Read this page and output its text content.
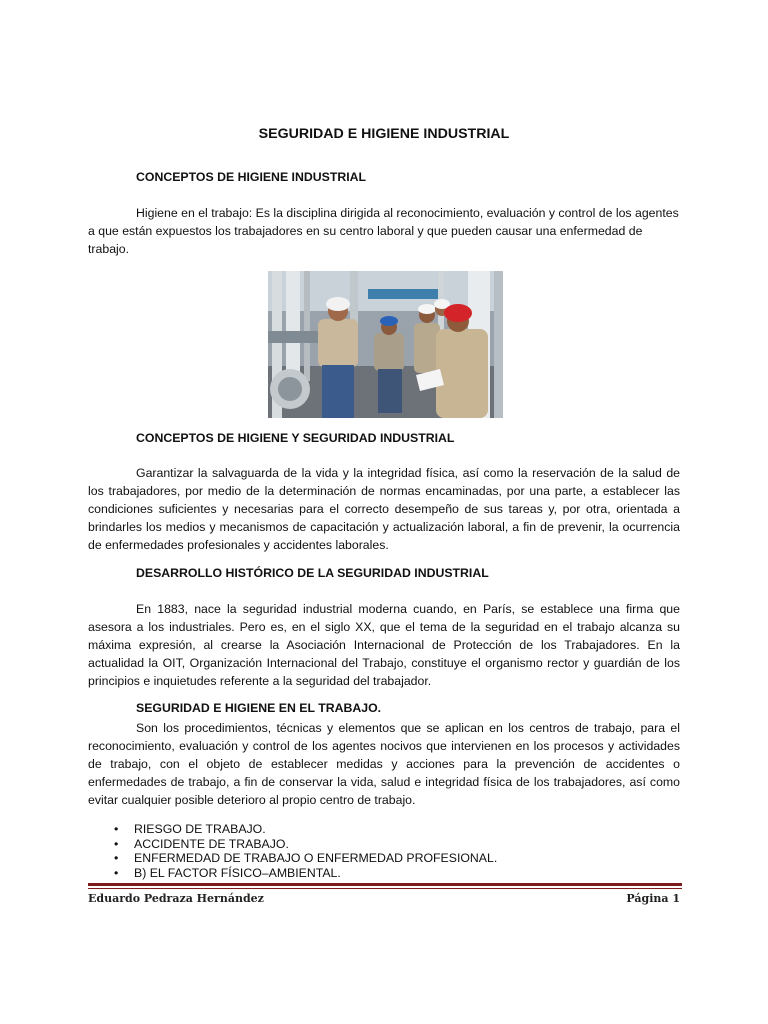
SEGURIDAD E HIGIENE INDUSTRIAL
CONCEPTOS DE HIGIENE INDUSTRIAL

Higiene en el trabajo: Es la disciplina dirigida al reconocimiento, evaluación y control de los agentes a que están expuestos los trabajadores en su centro laboral y que pueden causar una enfermedad de trabajo.

CONCEPTOS DE HIGIENE Y SEGURIDAD INDUSTRIAL

Garantizar la salvaguarda de la vida y la integridad física, así como la reservación de la salud de los trabajadores, por medio de la determinación de normas encaminadas, por una parte, a establecer las condiciones suficientes y necesarias para el correcto desempeño de sus tareas y, por otra, orientada a brindarles los medios y mecanismos de capacitación y actualización laboral, a fin de prevenir, la ocurrencia de enfermedades profesionales y accidentes laborales.

DESARROLLO HISTÓRICO DE LA SEGURIDAD INDUSTRIAL

En 1883, nace la seguridad industrial moderna cuando, en París, se establece una firma que asesora a los industriales. Pero es, en el siglo XX, que el tema de la seguridad en el trabajo alcanza su máxima expresión, al crearse la Asociación Internacional de Protección de los Trabajadores. En la actualidad la OIT, Organización Internacional del Trabajo, constituye el organismo rector y guardián de los principios e inquietudes referente a la seguridad del trabajador.

SEGURIDAD E HIGIENE EN EL TRABAJO.

Son los procedimientos, técnicas y elementos que se aplican en los centros de trabajo, para el reconocimiento, evaluación y control de los agentes nocivos que intervienen en los procesos y actividades de trabajo, con el objeto de establecer medidas y acciones para la prevención de accidentes o enfermedades de trabajo, a fin de conservar la vida, salud e integridad física de los trabajadores, así como evitar cualquier posible deterioro al propio centro de trabajo.

• RIESGO DE TRABAJO.
• ACCIDENTE DE TRABAJO.
• ENFERMEDAD DE TRABAJO O ENFERMEDAD PROFESIONAL.
• B) EL FACTOR FÍSICO–AMBIENTAL.
Eduardo Pedraza Hernández	Página 1
